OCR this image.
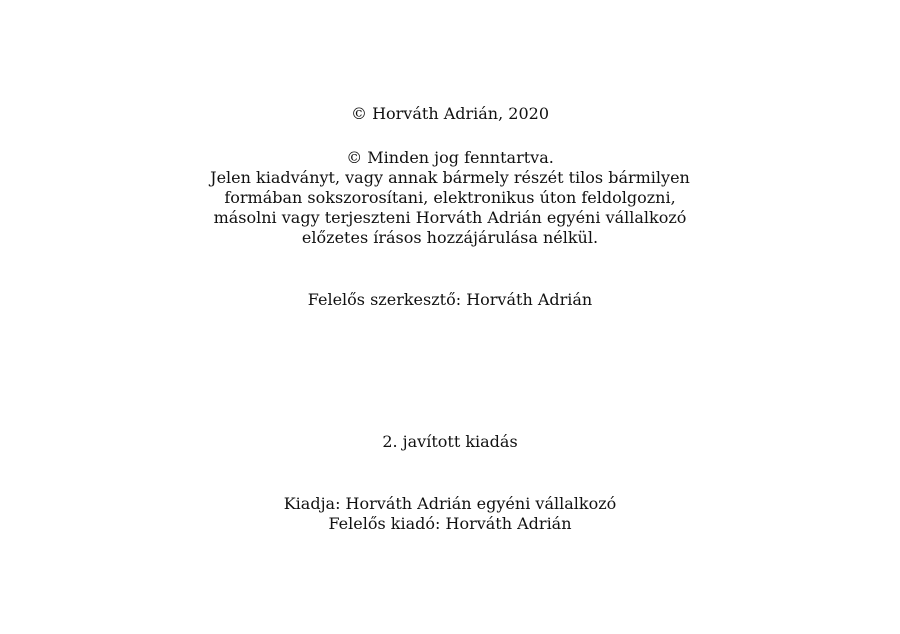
© Horváth Adrián, 2020
© Minden jog fenntartva.
Jelen kiadványt, vagy annak bármely részét tilos bármilyen
formában sokszorosítani, elektronikus úton feldolgozni,
másolni vagy terjeszteni Horváth Adrián egyéni vállalkozó
előzetes írásos hozzájárulása nélkül.
Felelős szerkesztő: Horváth Adrián
2. javított kiadás
Kiadja: Horváth Adrián egyéni vállalkozó
Felelős kiadó: Horváth Adrián
